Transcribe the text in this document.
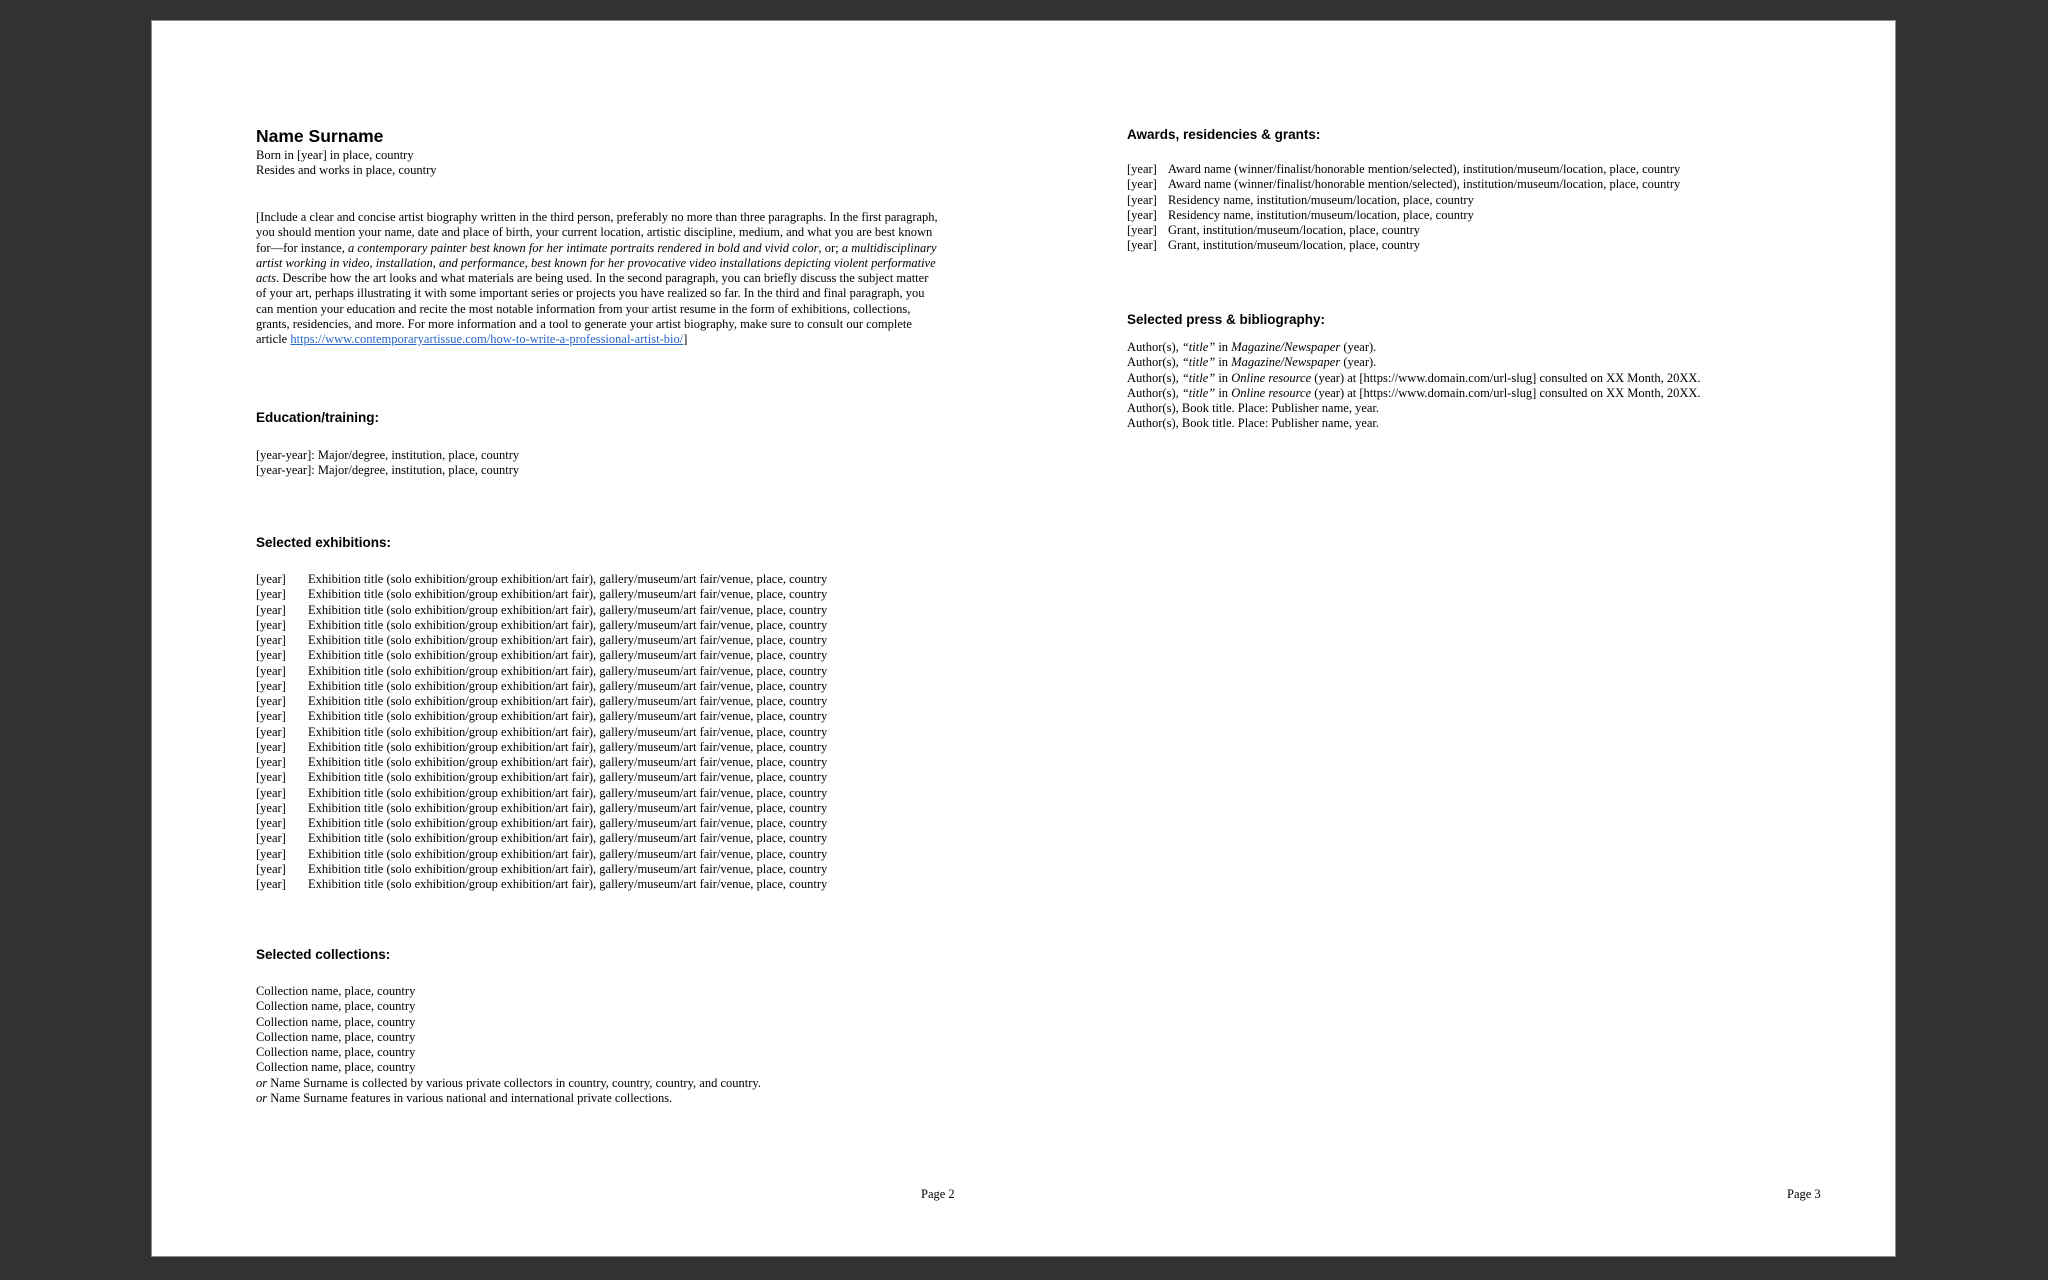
Name Surname
Born in [year] in place, country
Resides and works in place, country

[Include a clear and concise artist biography written in the third person, preferably no more than three paragraphs. In the first paragraph, you should mention your name, date and place of birth, your current location, artistic discipline, medium, and what you are best known for—for instance, a contemporary painter best known for her intimate portraits rendered in bold and vivid color, or; a multidisciplinary artist working in video, installation, and performance, best known for her provocative video installations depicting violent performative acts. Describe how the art looks and what materials are being used. In the second paragraph, you can briefly discuss the subject matter of your art, perhaps illustrating it with some important series or projects you have realized so far. In the third and final paragraph, you can mention your education and recite the most notable information from your artist resume in the form of exhibitions, collections, grants, residencies, and more. For more information and a tool to generate your artist biography, make sure to consult our complete article https://www.contemporaryartissue.com/how-to-write-a-professional-artist-bio/]

Education/training:
[year-year]: Major/degree, institution, place, country
[year-year]: Major/degree, institution, place, country
Selected exhibitions:
[year] Exhibition title (solo exhibition/group exhibition/art fair), gallery/museum/art fair/venue, place, country
[year] Exhibition title (solo exhibition/group exhibition/art fair), gallery/museum/art fair/venue, place, country
[year] Exhibition title (solo exhibition/group exhibition/art fair), gallery/museum/art fair/venue, place, country
[year] Exhibition title (solo exhibition/group exhibition/art fair), gallery/museum/art fair/venue, place, country
[year] Exhibition title (solo exhibition/group exhibition/art fair), gallery/museum/art fair/venue, place, country
[year] Exhibition title (solo exhibition/group exhibition/art fair), gallery/museum/art fair/venue, place, country
[year] Exhibition title (solo exhibition/group exhibition/art fair), gallery/museum/art fair/venue, place, country
[year] Exhibition title (solo exhibition/group exhibition/art fair), gallery/museum/art fair/venue, place, country
[year] Exhibition title (solo exhibition/group exhibition/art fair), gallery/museum/art fair/venue, place, country
[year] Exhibition title (solo exhibition/group exhibition/art fair), gallery/museum/art fair/venue, place, country
[year] Exhibition title (solo exhibition/group exhibition/art fair), gallery/museum/art fair/venue, place, country
[year] Exhibition title (solo exhibition/group exhibition/art fair), gallery/museum/art fair/venue, place, country
[year] Exhibition title (solo exhibition/group exhibition/art fair), gallery/museum/art fair/venue, place, country
[year] Exhibition title (solo exhibition/group exhibition/art fair), gallery/museum/art fair/venue, place, country
[year] Exhibition title (solo exhibition/group exhibition/art fair), gallery/museum/art fair/venue, place, country
[year] Exhibition title (solo exhibition/group exhibition/art fair), gallery/museum/art fair/venue, place, country
[year] Exhibition title (solo exhibition/group exhibition/art fair), gallery/museum/art fair/venue, place, country
[year] Exhibition title (solo exhibition/group exhibition/art fair), gallery/museum/art fair/venue, place, country
[year] Exhibition title (solo exhibition/group exhibition/art fair), gallery/museum/art fair/venue, place, country
[year] Exhibition title (solo exhibition/group exhibition/art fair), gallery/museum/art fair/venue, place, country
[year] Exhibition title (solo exhibition/group exhibition/art fair), gallery/museum/art fair/venue, place, country
Selected collections:
Collection name, place, country
Collection name, place, country
Collection name, place, country
Collection name, place, country
Collection name, place, country
Collection name, place, country
or Name Surname is collected by various private collectors in country, country, country, and country.
or Name Surname features in various national and international private collections.
Page 2
Awards, residencies & grants:
[year] Award name (winner/finalist/honorable mention/selected), institution/museum/location, place, country
[year] Award name (winner/finalist/honorable mention/selected), institution/museum/location, place, country
[year] Residency name, institution/museum/location, place, country
[year] Residency name, institution/museum/location, place, country
[year] Grant, institution/museum/location, place, country
[year] Grant, institution/museum/location, place, country
Selected press & bibliography:
Author(s), “title” in Magazine/Newspaper (year).
Author(s), “title” in Magazine/Newspaper (year).
Author(s), “title” in Online resource (year) at [https://www.domain.com/url-slug] consulted on XX Month, 20XX.
Author(s), “title” in Online resource (year) at [https://www.domain.com/url-slug] consulted on XX Month, 20XX.
Author(s), Book title. Place: Publisher name, year.
Author(s), Book title. Place: Publisher name, year.
Page 3
